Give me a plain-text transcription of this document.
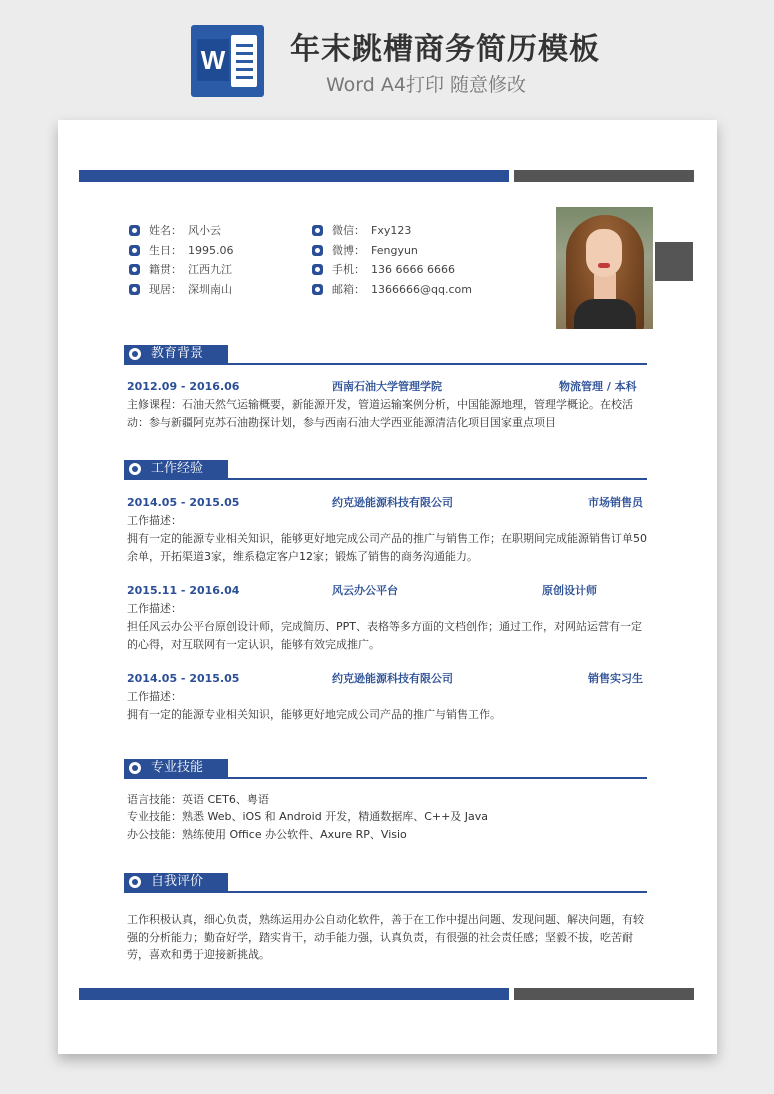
W 年末跳槽商务简历模板
Word A4打印 随意修改
姓名： 风小云
生日： 1995.06
籍贯： 江西九江
现居： 深圳南山
微信： Fxy123
微博： Fengyun
手机： 136 6666 6666
邮箱： 1366666@qq.com
教育背景
2012.09 - 2016.06	西南石油大学管理学院	物流管理 / 本科
主修课程：石油天然气运输概要，新能源开发，管道运输案例分析，中国能源地理，管理学概论。在校活动：参与新疆阿克苏石油勘探计划，参与西南石油大学西亚能源清洁化项目国家重点项目
工作经验
2014.05 - 2015.05	约克逊能源科技有限公司	市场销售员
工作描述：
拥有一定的能源专业相关知识，能够更好地完成公司产品的推广与销售工作；在职期间完成能源销售订单50余单，开拓渠道3家，维系稳定客户12家；锻炼了销售的商务沟通能力。
2015.11 - 2016.04	风云办公平台	原创设计师
工作描述：
担任风云办公平台原创设计师，完成简历、PPT、表格等多方面的文档创作；通过工作，对网站运营有一定的心得，对互联网有一定认识，能够有效完成推广。
2014.05 - 2015.05	约克逊能源科技有限公司	销售实习生
工作描述：
拥有一定的能源专业相关知识，能够更好地完成公司产品的推广与销售工作。
专业技能
语言技能：英语 CET6、粤语
专业技能：熟悉 Web、iOS 和 Android 开发，精通数据库、C++及 Java
办公技能：熟练使用 Office 办公软件、Axure RP、Visio
自我评价
工作积极认真，细心负责，熟练运用办公自动化软件，善于在工作中提出问题、发现问题、解决问题，有较强的分析能力；勤奋好学，踏实肯干，动手能力强，认真负责，有很强的社会责任感；坚毅不拔，吃苦耐劳，喜欢和勇于迎接新挑战。
